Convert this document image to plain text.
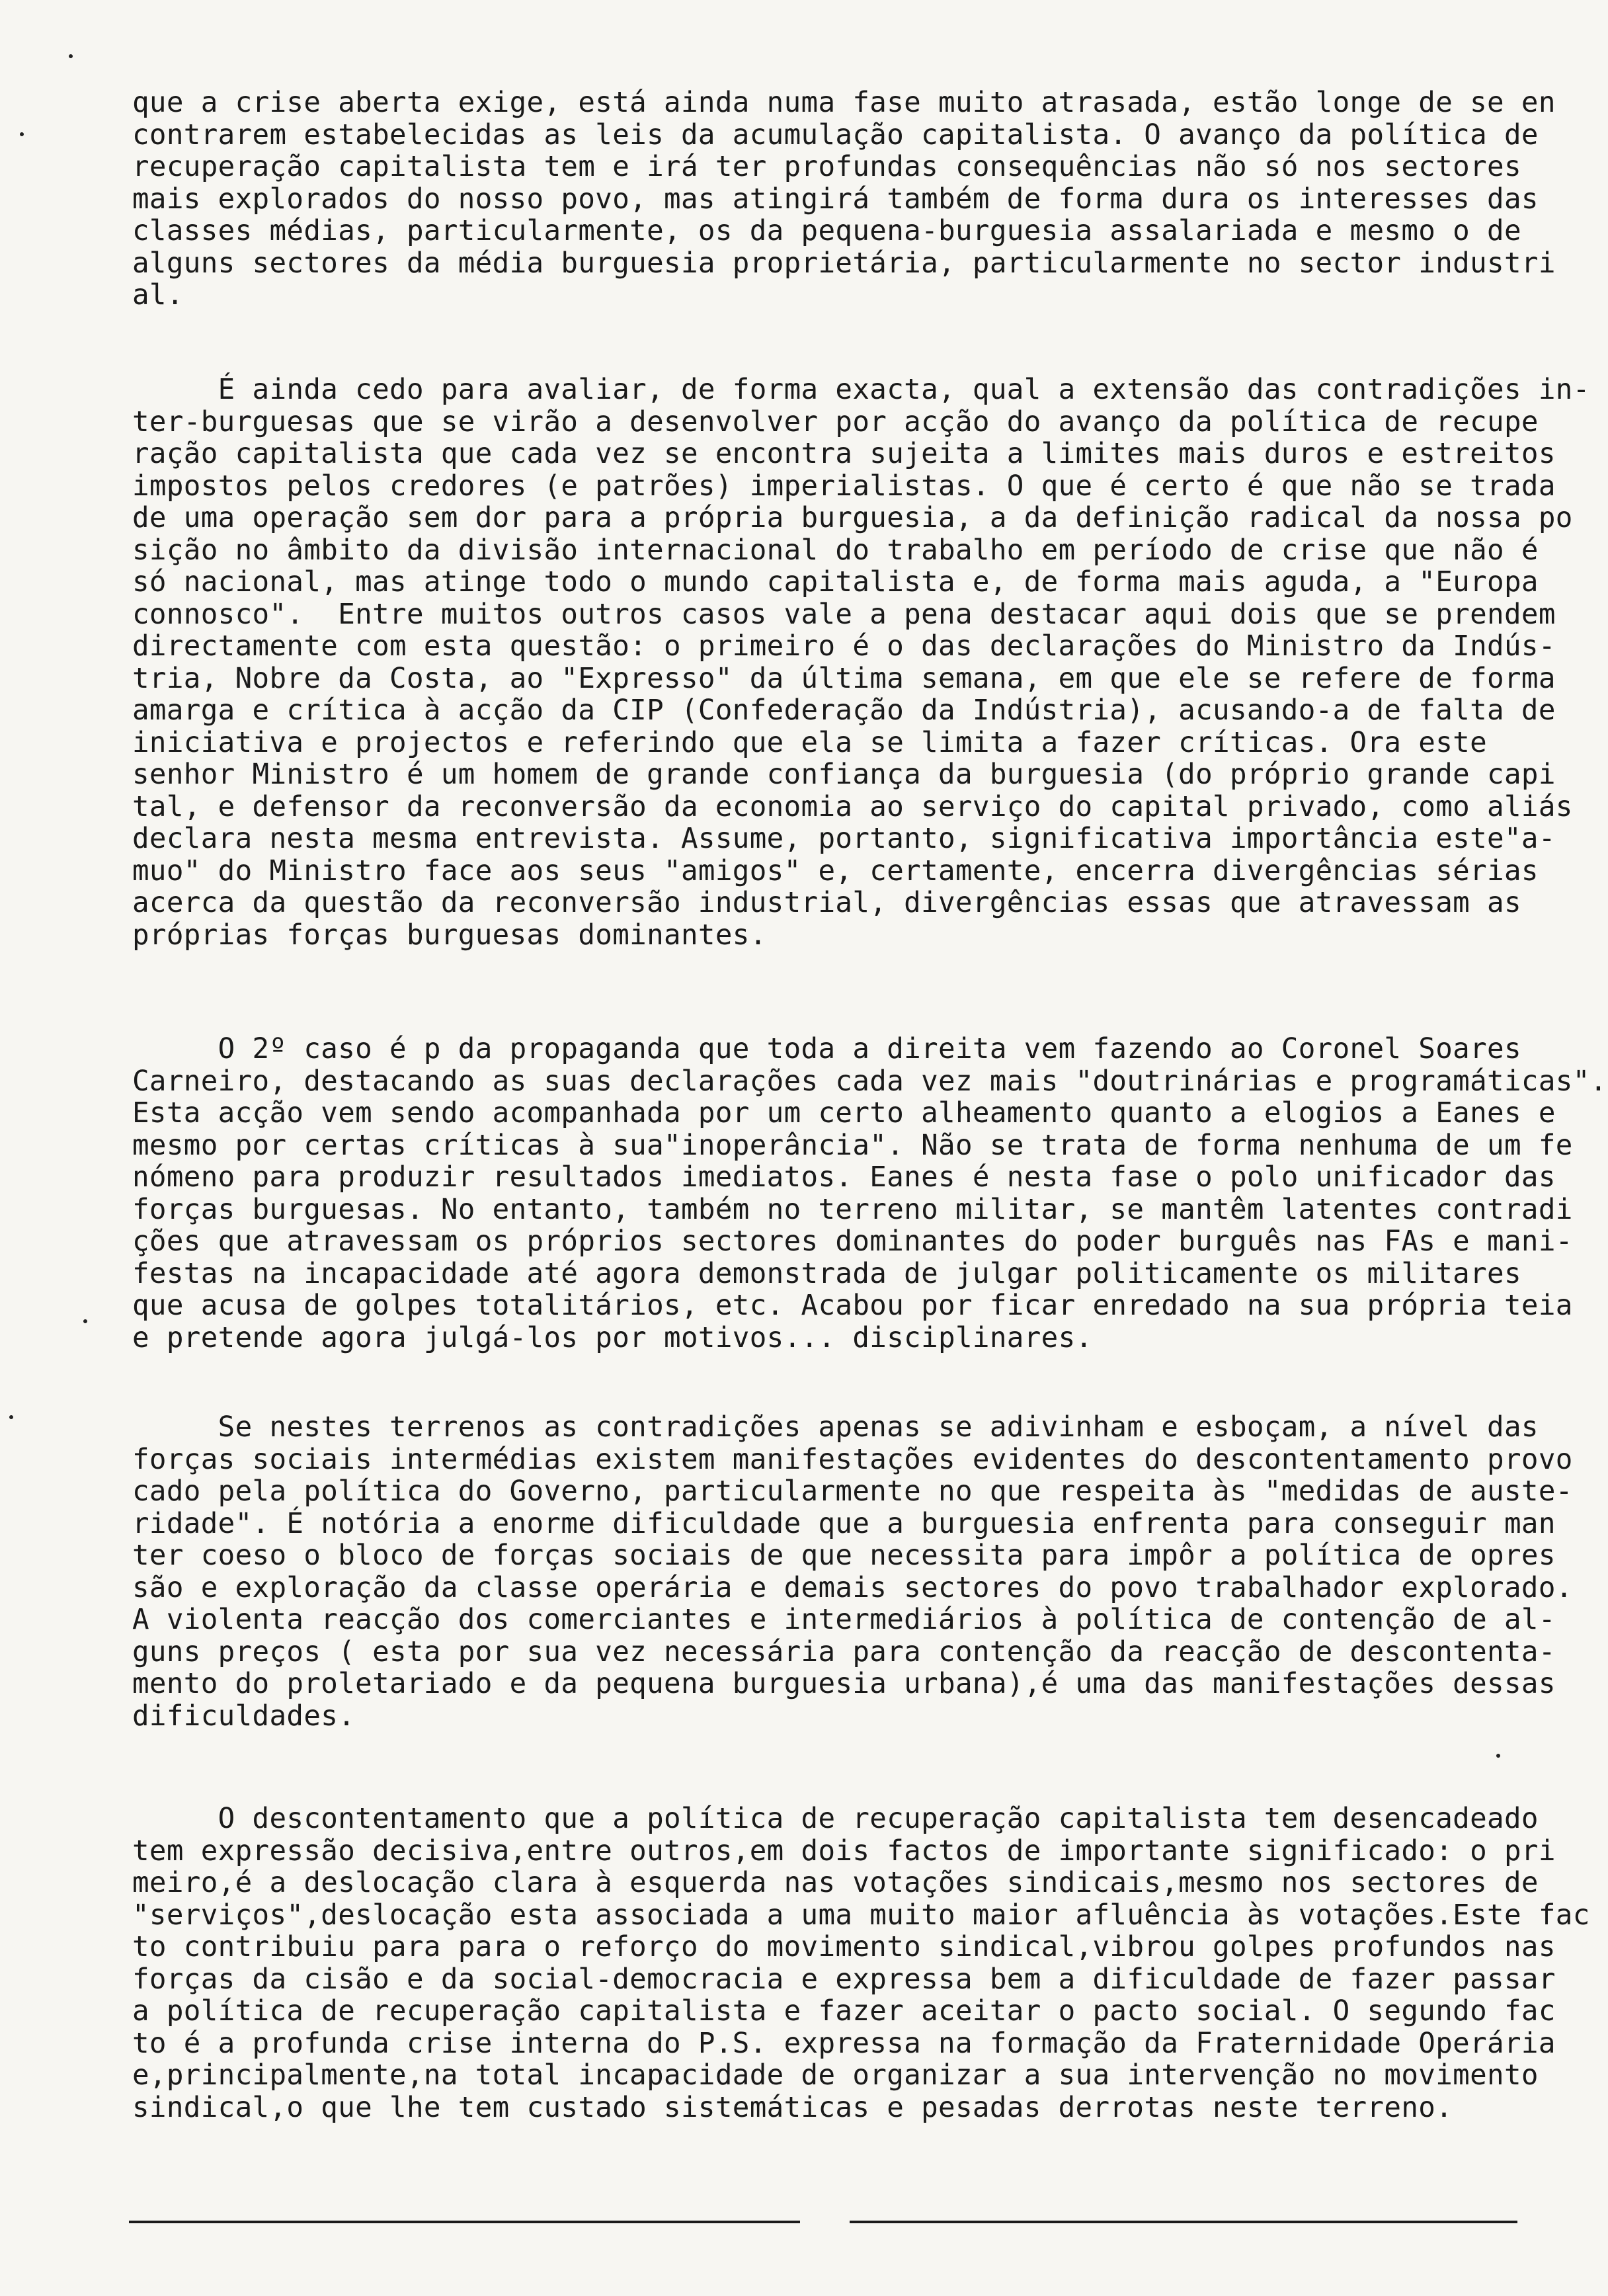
que a crise aberta exige, está ainda numa fase muito atrasada, estão longe de se en
contrarem estabelecidas as leis da acumulação capitalista. O avanço da política de
recuperação capitalista tem e irá ter profundas consequências não só nos sectores
mais explorados do nosso povo, mas atingirá também de forma dura os interesses das
classes médias, particularmente, os da pequena-burguesia assalariada e mesmo o de
alguns sectores da média burguesia proprietária, particularmente no sector industri
al.
É ainda cedo para avaliar, de forma exacta, qual a extensão das contradições in-
ter-burguesas que se virão a desenvolver por acção do avanço da política de recupe
ração capitalista que cada vez se encontra sujeita a limites mais duros e estreitos
impostos pelos credores (e patrões) imperialistas. O que é certo é que não se trada
de uma operação sem dor para a própria burguesia, a da definição radical da nossa po
sição no âmbito da divisão internacional do trabalho em período de crise que não é
só nacional, mas atinge todo o mundo capitalista e, de forma mais aguda, a "Europa
connosco".  Entre muitos outros casos vale a pena destacar aqui dois que se prendem
directamente com esta questão: o primeiro é o das declarações do Ministro da Indús-
tria, Nobre da Costa, ao "Expresso" da última semana, em que ele se refere de forma
amarga e crítica à acção da CIP (Confederação da Indústria), acusando-a de falta de
iniciativa e projectos e referindo que ela se limita a fazer críticas. Ora este
senhor Ministro é um homem de grande confiança da burguesia (do próprio grande capi
tal, e defensor da reconversão da economia ao serviço do capital privado, como aliás
declara nesta mesma entrevista. Assume, portanto, significativa importância este"a-
muo" do Ministro face aos seus "amigos" e, certamente, encerra divergências sérias
acerca da questão da reconversão industrial, divergências essas que atravessam as
próprias forças burguesas dominantes.
O 2º caso é p da propaganda que toda a direita vem fazendo ao Coronel Soares
Carneiro, destacando as suas declarações cada vez mais "doutrinárias e programáticas".
Esta acção vem sendo acompanhada por um certo alheamento quanto a elogios a Eanes e
mesmo por certas críticas à sua"inoperância". Não se trata de forma nenhuma de um fe
nómeno para produzir resultados imediatos. Eanes é nesta fase o polo unificador das
forças burguesas. No entanto, também no terreno militar, se mantêm latentes contradi
ções que atravessam os próprios sectores dominantes do poder burguês nas FAs e mani-
festas na incapacidade até agora demonstrada de julgar politicamente os militares
que acusa de golpes totalitários, etc. Acabou por ficar enredado na sua própria teia
e pretende agora julgá-los por motivos... disciplinares.
Se nestes terrenos as contradições apenas se adivinham e esboçam, a nível das
forças sociais intermédias existem manifestações evidentes do descontentamento provo
cado pela política do Governo, particularmente no que respeita às "medidas de auste-
ridade". É notória a enorme dificuldade que a burguesia enfrenta para conseguir man
ter coeso o bloco de forças sociais de que necessita para impôr a política de opres
são e exploração da classe operária e demais sectores do povo trabalhador explorado.
A violenta reacção dos comerciantes e intermediários à política de contenção de al-
guns preços ( esta por sua vez necessária para contenção da reacção de descontenta-
mento do proletariado e da pequena burguesia urbana),é uma das manifestações dessas
dificuldades.
O descontentamento que a política de recuperação capitalista tem desencadeado
tem expressão decisiva,entre outros,em dois factos de importante significado: o pri
meiro,é a deslocação clara à esquerda nas votações sindicais,mesmo nos sectores de
"serviços",deslocação esta associada a uma muito maior afluência às votações.Este fac
to contribuiu para para o reforço do movimento sindical,vibrou golpes profundos nas
forças da cisão e da social-democracia e expressa bem a dificuldade de fazer passar
a política de recuperação capitalista e fazer aceitar o pacto social. O segundo fac
to é a profunda crise interna do P.S. expressa na formação da Fraternidade Operária
e,principalmente,na total incapacidade de organizar a sua intervenção no movimento
sindical,o que lhe tem custado sistemáticas e pesadas derrotas neste terreno.
